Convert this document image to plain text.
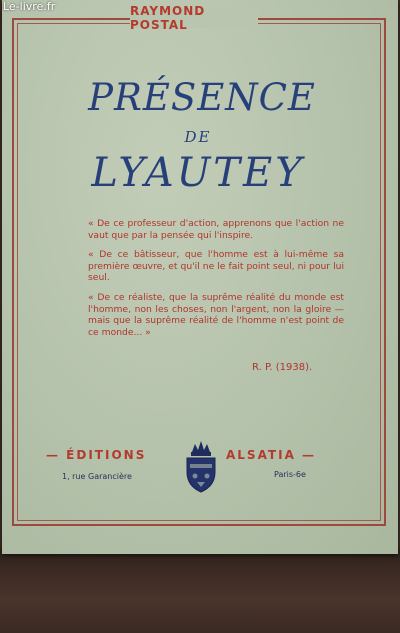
RAYMOND POSTAL
PRÉSENCE
DE
LYAUTEY

« De ce professeur d'action, apprenons que l'action ne vaut que par la pensée qui l'inspire.

« De ce bâtisseur, que l'homme est à lui-même sa première œuvre, et qu'il ne le fait point seul, ni pour lui seul.

« De ce réaliste, que la suprême réalité du monde est l'homme, non les choses, non l'argent, non la gloire — mais que la suprême réalité de l'homme n'est point de ce monde... »

R. P. (1938).
— ÉDITIONS	ALSATIA —
1, rue Garancière	Paris-6e
Le-livre.fr
